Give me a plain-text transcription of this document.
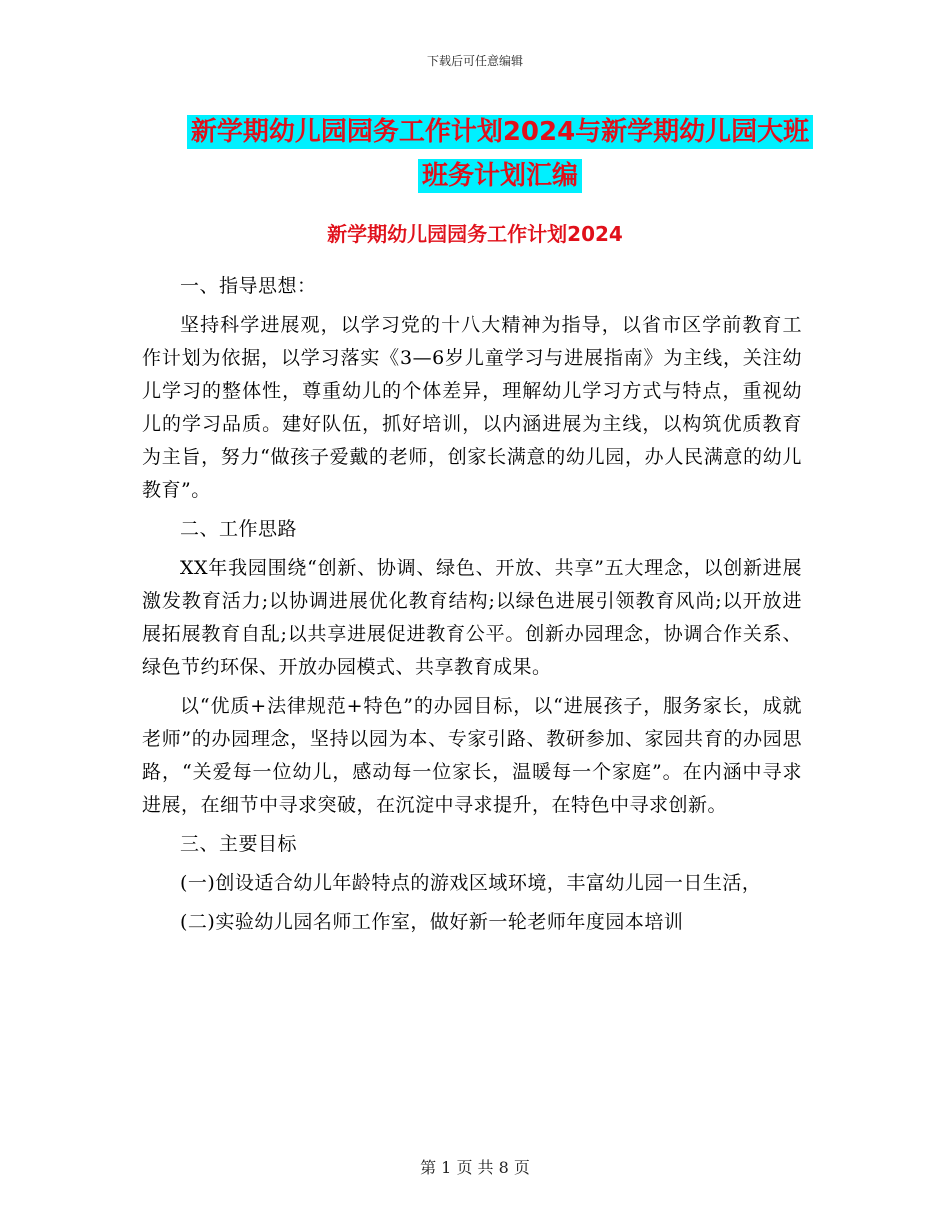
下载后可任意编辑
新学期幼儿园园务工作计划2024与新学期幼儿园大班
班务计划汇编
新学期幼儿园园务工作计划2024

一、指导思想：

坚持科学进展观，以学习党的十八大精神为指导，以省市区学前教育工作计划为依据，以学习落实《3—6岁儿童学习与进展指南》为主线，关注幼儿学习的整体性，尊重幼儿的个体差异，理解幼儿学习方式与特点，重视幼儿的学习品质。建好队伍，抓好培训，以内涵进展为主线，以构筑优质教育为主旨，努力“做孩子爱戴的老师，创家长满意的幼儿园，办人民满意的幼儿教育”。

二、工作思路

XX年我园围绕“创新、协调、绿色、开放、共享”五大理念，以创新进展激发教育活力;以协调进展优化教育结构;以绿色进展引领教育风尚;以开放进展拓展教育自乱;以共享进展促进教育公平。创新办园理念，协调合作关系、绿色节约环保、开放办园模式、共享教育成果。

以“优质+法律规范+特色”的办园目标，以“进展孩子，服务家长，成就老师”的办园理念，坚持以园为本、专家引路、教研参加、家园共育的办园思路，“关爱每一位幼儿，感动每一位家长，温暖每一个家庭”。在内涵中寻求进展，在细节中寻求突破，在沉淀中寻求提升，在特色中寻求创新。

三、主要目标

(一)创设适合幼儿年龄特点的游戏区域环境，丰富幼儿园一日生活，

(二)实验幼儿园名师工作室，做好新一轮老师年度园本培训

第 1 页 共 8 页
